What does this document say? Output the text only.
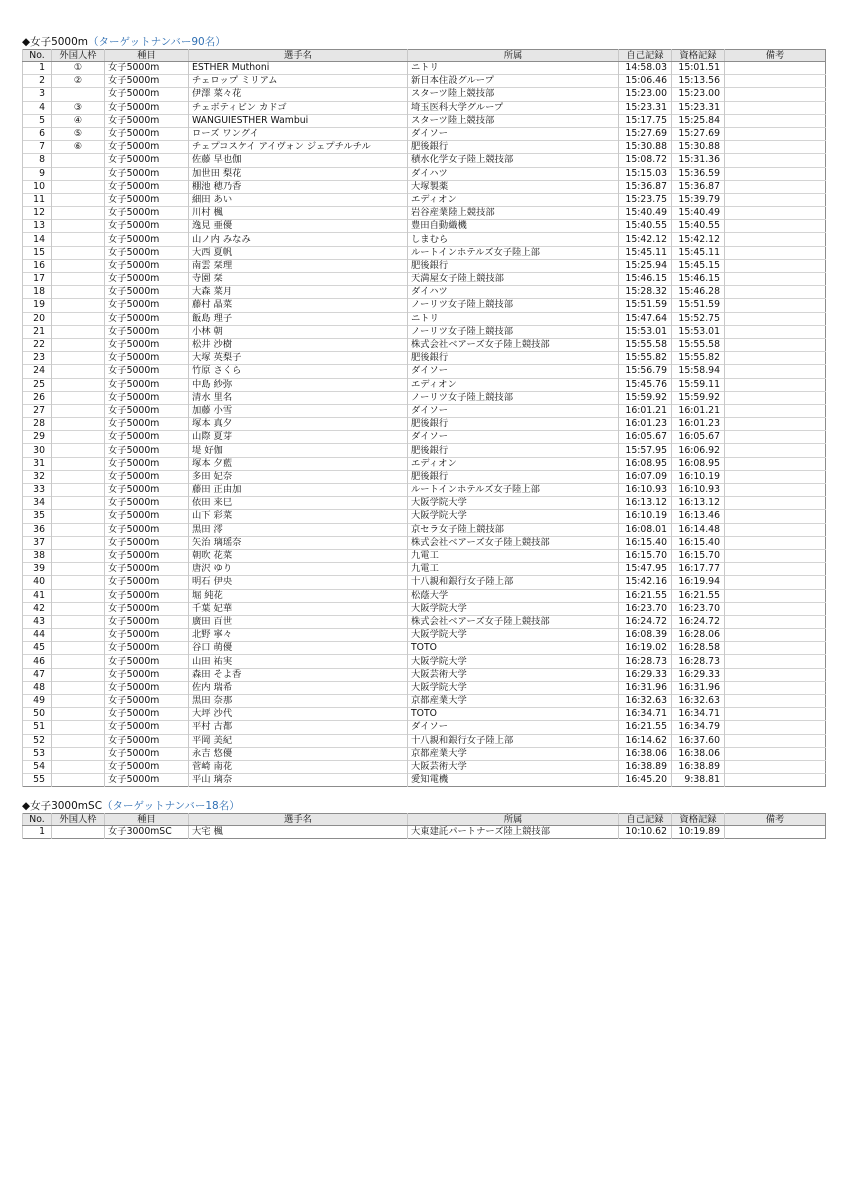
◆女子5000m（ターゲットナンバー90名）
No.	外国人枠	種目	選手名	所属	自己記録	資格記録	備考
1	①	女子5000m	ESTHER Muthoni	ニトリ	14:58.03	15:01.51	
2	②	女子5000m	チェロップ ミリアム	新日本住設グループ	15:06.46	15:13.56	
3		女子5000m	伊澤 菜々花	スターツ陸上競技部	15:23.00	15:23.00	
4	③	女子5000m	チェボティビン カドゴ	埼玉医科大学グループ	15:23.31	15:23.31	
5	④	女子5000m	WANGUIESTHER Wambui	スターツ陸上競技部	15:17.75	15:25.84	
6	⑤	女子5000m	ローズ ワングイ	ダイソー	15:27.69	15:27.69	
7	⑥	女子5000m	チェプコスケイ アイヴォン ジェプチルチル	肥後銀行	15:30.88	15:30.88	
8		女子5000m	佐藤 早也伽	積水化学女子陸上競技部	15:08.72	15:31.36	
9		女子5000m	加世田 梨花	ダイハツ	15:15.03	15:36.59	
10		女子5000m	棚池 穂乃香	大塚製薬	15:36.87	15:36.87	
11		女子5000m	細田 あい	エディオン	15:23.75	15:39.79	
12		女子5000m	川村 楓	岩谷産業陸上競技部	15:40.49	15:40.49	
13		女子5000m	逸見 亜優	豊田自動織機	15:40.55	15:40.55	
14		女子5000m	山ノ内 みなみ	しまむら	15:42.12	15:42.12	
15		女子5000m	大西 夏帆	ルートインホテルズ女子陸上部	15:45.11	15:45.11	
16		女子5000m	南雲 栞理	肥後銀行	15:25.94	15:45.15	
17		女子5000m	寺園 栞	天満屋女子陸上競技部	15:46.15	15:46.15	
18		女子5000m	大森 菜月	ダイハツ	15:28.32	15:46.28	
19		女子5000m	藤村 晶菜	ノーリツ女子陸上競技部	15:51.59	15:51.59	
20		女子5000m	飯島 理子	ニトリ	15:47.64	15:52.75	
21		女子5000m	小林 朝	ノーリツ女子陸上競技部	15:53.01	15:53.01	
22		女子5000m	松井 沙樹	株式会社ベアーズ女子陸上競技部	15:55.58	15:55.58	
23		女子5000m	大塚 英梨子	肥後銀行	15:55.82	15:55.82	
24		女子5000m	竹原 さくら	ダイソー	15:56.79	15:58.94	
25		女子5000m	中島 紗弥	エディオン	15:45.76	15:59.11	
26		女子5000m	清水 里名	ノーリツ女子陸上競技部	15:59.92	15:59.92	
27		女子5000m	加藤 小雪	ダイソー	16:01.21	16:01.21	
28		女子5000m	塚本 真夕	肥後銀行	16:01.23	16:01.23	
29		女子5000m	山際 夏芽	ダイソー	16:05.67	16:05.67	
30		女子5000m	堤 好伽	肥後銀行	15:57.95	16:06.92	
31		女子5000m	塚本 夕藍	エディオン	16:08.95	16:08.95	
32		女子5000m	多田 妃奈	肥後銀行	16:07.09	16:10.19	
33		女子5000m	藤田 正由加	ルートインホテルズ女子陸上部	16:10.93	16:10.93	
34		女子5000m	依田 来巳	大阪学院大学	16:13.12	16:13.12	
35		女子5000m	山下 彩菜	大阪学院大学	16:10.19	16:13.46	
36		女子5000m	黒田 澪	京セラ女子陸上競技部	16:08.01	16:14.48	
37		女子5000m	矢治 璃瑶奈	株式会社ベアーズ女子陸上競技部	16:15.40	16:15.40	
38		女子5000m	朝吹 花菜	九電工	16:15.70	16:15.70	
39		女子5000m	唐沢 ゆり	九電工	15:47.95	16:17.77	
40		女子5000m	明石 伊央	十八親和銀行女子陸上部	15:42.16	16:19.94	
41		女子5000m	堀 純花	松蔭大学	16:21.55	16:21.55	
42		女子5000m	千葉 妃華	大阪学院大学	16:23.70	16:23.70	
43		女子5000m	廣田 百世	株式会社ベアーズ女子陸上競技部	16:24.72	16:24.72	
44		女子5000m	北野 寧々	大阪学院大学	16:08.39	16:28.06	
45		女子5000m	谷口 萌優	TOTO	16:19.02	16:28.58	
46		女子5000m	山田 祐実	大阪学院大学	16:28.73	16:28.73	
47		女子5000m	森田 そよ香	大阪芸術大学	16:29.33	16:29.33	
48		女子5000m	佐内 瑞希	大阪学院大学	16:31.96	16:31.96	
49		女子5000m	黒田 奈那	京都産業大学	16:32.63	16:32.63	
50		女子5000m	大坪 沙代	TOTO	16:34.71	16:34.71	
51		女子5000m	平村 古都	ダイソー	16:21.55	16:34.79	
52		女子5000m	平岡 美紀	十八親和銀行女子陸上部	16:14.62	16:37.60	
53		女子5000m	永吉 悠優	京都産業大学	16:38.06	16:38.06	
54		女子5000m	菅崎 南花	大阪芸術大学	16:38.89	16:38.89	
55		女子5000m	平山 璃奈	愛知電機	16:45.20	9:38.81	
◆女子3000mSC（ターゲットナンバー18名）
No.	外国人枠	種目	選手名	所属	自己記録	資格記録	備考
1		女子3000mSC	大宅 楓	大東建託パートナーズ陸上競技部	10:10.62	10:19.89	
